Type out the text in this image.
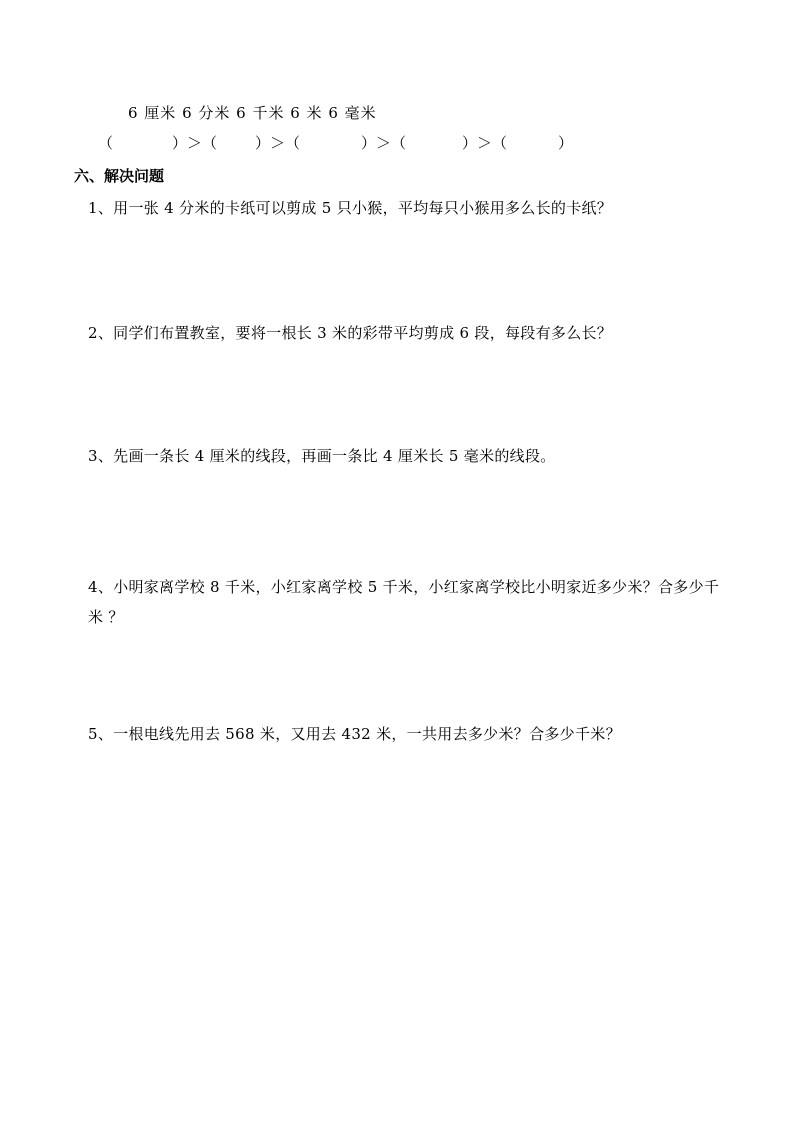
6 厘米 6 分米 6 千米 6 米 6 毫米
（	）＞（	）＞（	）＞（	）＞（	）
六、解决问题
1、用一张 4 分米的卡纸可以剪成 5 只小猴，平均每只小猴用多么长的卡纸？
2、同学们布置教室，要将一根长 3 米的彩带平均剪成 6 段，每段有多么长？
3、先画一条长 4 厘米的线段，再画一条比 4 厘米长 5 毫米的线段。
4、小明家离学校 8 千米，小红家离学校 5 千米，小红家离学校比小明家近多少米？合多少千米 ？
5、一根电线先用去 568 米，又用去 432 米，一共用去多少米？合多少千米？
